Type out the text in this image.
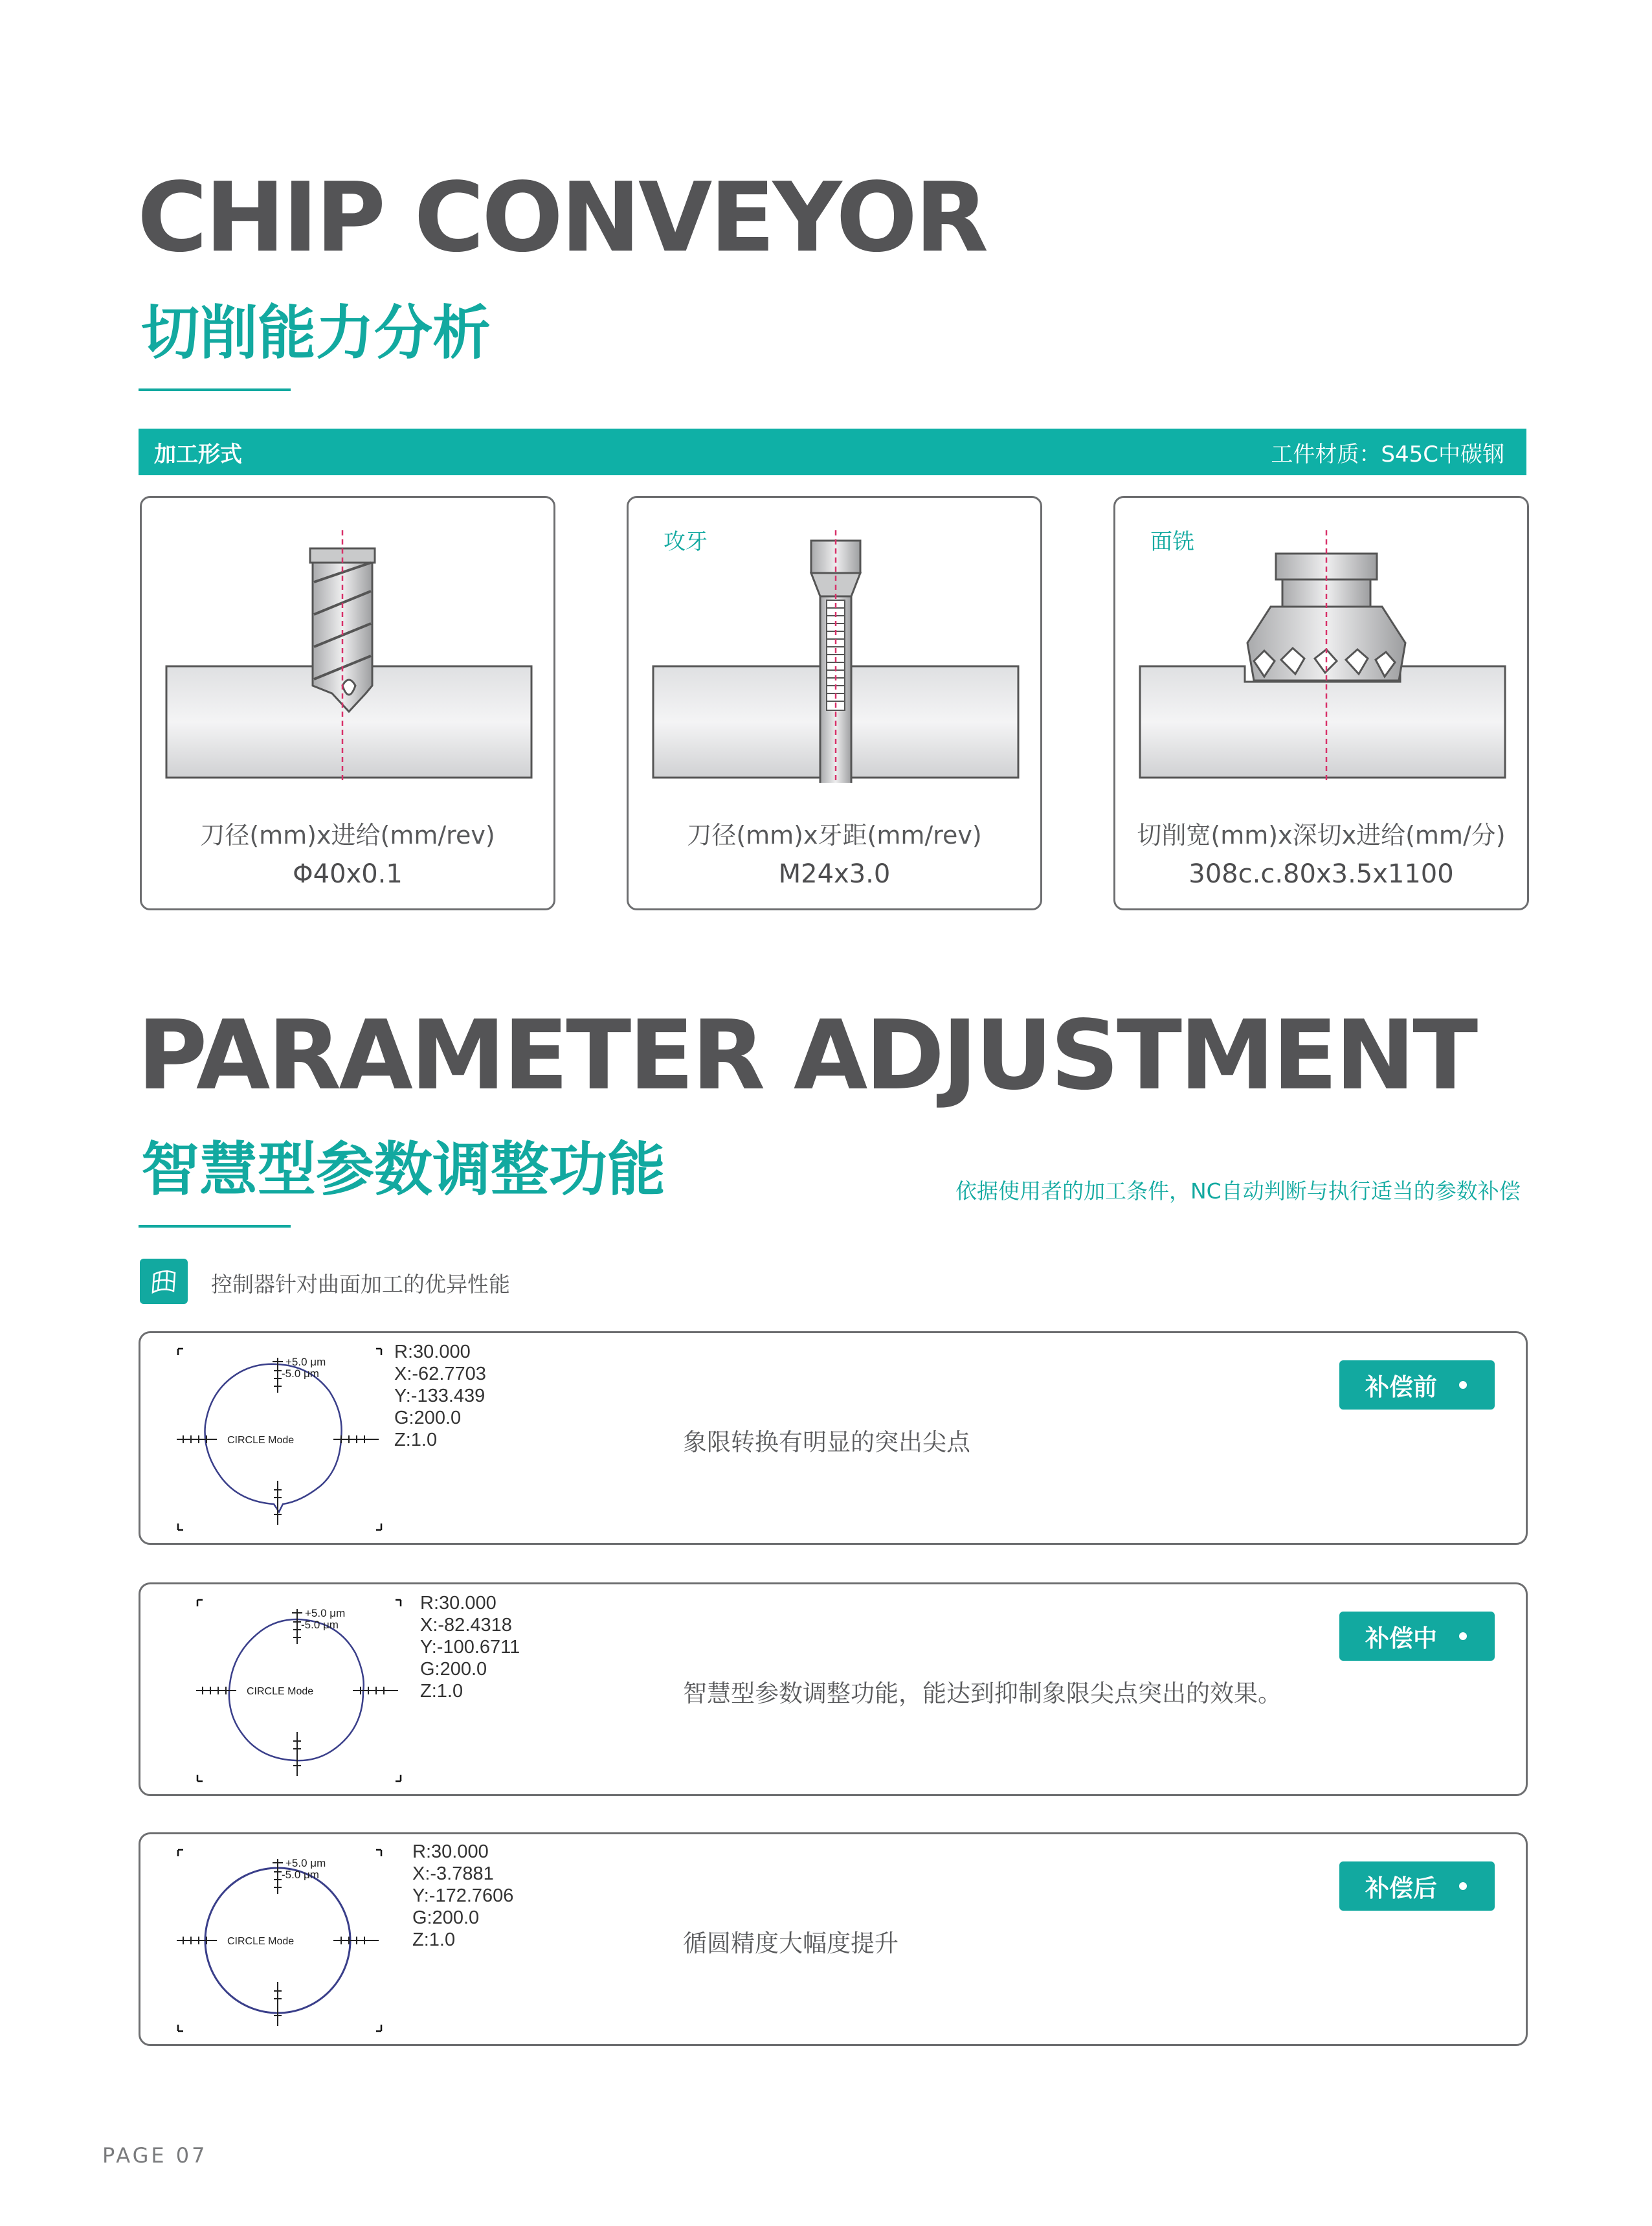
CHIP CONVEYOR
切削能力分析
加工形式	工件材质：S45C中碳钢
刀径(mm)x进给(mm/rev)
Φ40x0.1
攻牙
刀径(mm)x牙距(mm/rev)
M24x3.0
面铣
切削宽(mm)x深切x进给(mm/分)
308c.c.80x3.5x1100
PARAMETER ADJUSTMENT
智慧型参数调整功能	依据使用者的加工条件，NC自动判断与执行适当的参数补偿
控制器针对曲面加工的优异性能
+5.0 μm
-5.0 μm
CIRCLE Mode
R:30.000
X:-62.7703
Y:-133.439
G:200.0
Z:1.0	象限转换有明显的突出尖点
补偿前
+5.0 μm
-5.0 μm
CIRCLE Mode
R:30.000
X:-82.4318
Y:-100.6711
G:200.0
Z:1.0	智慧型参数调整功能，能达到抑制象限尖点突出的效果。
补偿中
+5.0 μm
-5.0 μm
CIRCLE Mode
R:30.000
X:-3.7881
Y:-172.7606
G:200.0
Z:1.0	循圆精度大幅度提升
补偿后
PAGE 07
